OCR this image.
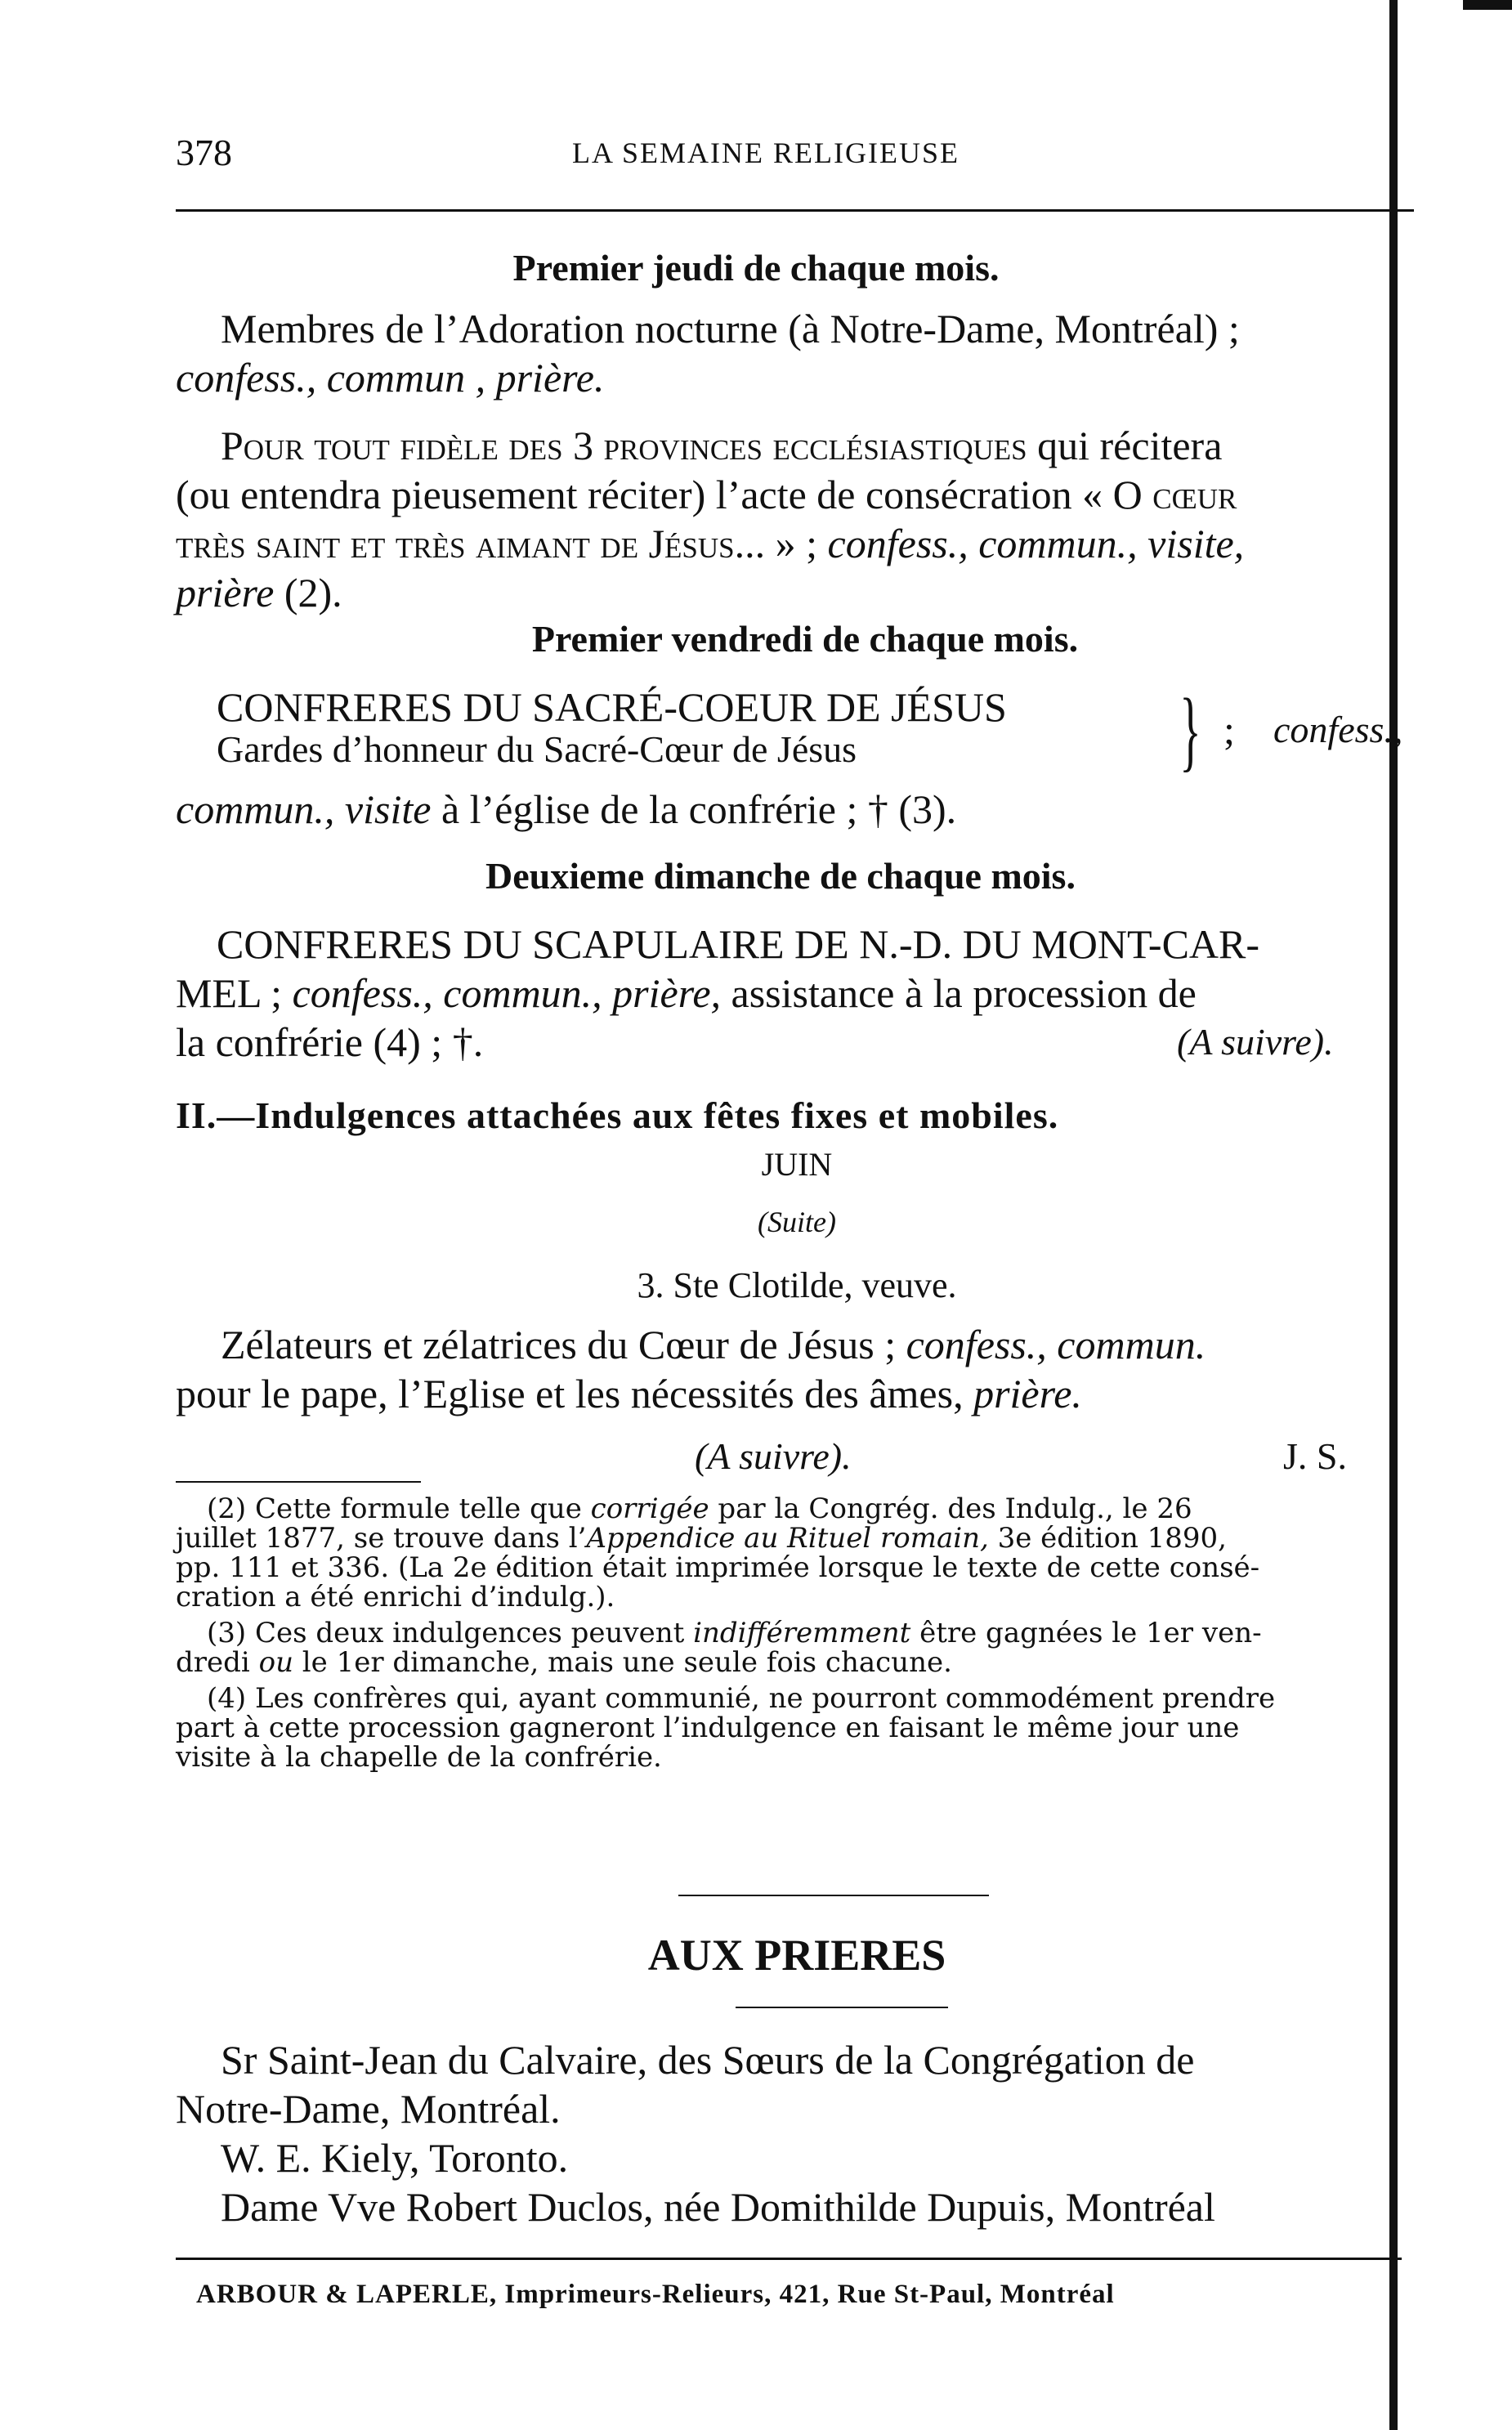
378	LA SEMAINE RELIGIEUSE
Premier jeudi de chaque mois.

Membres de l’Adoration nocturne (à Notre-Dame, Montréal) ;

confess., commun , prière.

Pour tout fidèle des 3 provinces ecclésiastiques qui récitera

(ou entendra pieusement réciter) l’acte de consécration « O cœur

très saint et très aimant de Jésus... » ; confess., commun., visite,

prière (2).

Premier vendredi de chaque mois.
CONFRERES DU SACRÉ-COEUR DE JÉSUS
Gardes d’honneur du Sacré-Cœur de Jésus	} ; confess.,
commun., visite à l’église de la confrérie ; † (3).
Deuxieme dimanche de chaque mois.

CONFRERES DU SCAPULAIRE DE N.-D. DU MONT-CAR-

MEL ; confess., commun., prière, assistance à la procession de

la confrérie (4) ; †.	(A suivre).
II.—Indulgences attachées aux fêtes fixes et mobiles.
JUIN
(Suite)
3. Ste Clotilde, veuve.

Zélateurs et zélatrices du Cœur de Jésus ; confess., commun.

pour le pape, l’Eglise et les nécessités des âmes, prière.

(A suivre).	J. S.

(2) Cette formule telle que corrigée par la Congrég. des Indulg., le 26

juillet 1877, se trouve dans l’Appendice au Rituel romain, 3e édition 1890,

pp. 111 et 336. (La 2e édition était imprimée lorsque le texte de cette consé-

cration a été enrichi d’indulg.).

(3) Ces deux indulgences peuvent indifféremment être gagnées le 1er ven-

dredi ou le 1er dimanche, mais une seule fois chacune.

(4) Les confrères qui, ayant communié, ne pourront commodément prendre

part à cette procession gagneront l’indulgence en faisant le même jour une

visite à la chapelle de la confrérie.

AUX PRIERES

Sr Saint-Jean du Calvaire, des Sœurs de la Congrégation de

Notre-Dame, Montréal.

W. E. Kiely, Toronto.

Dame Vve Robert Duclos, née Domithilde Dupuis, Montréal

ARBOUR & LAPERLE, Imprimeurs-Relieurs, 421, Rue St-Paul, Montréal
